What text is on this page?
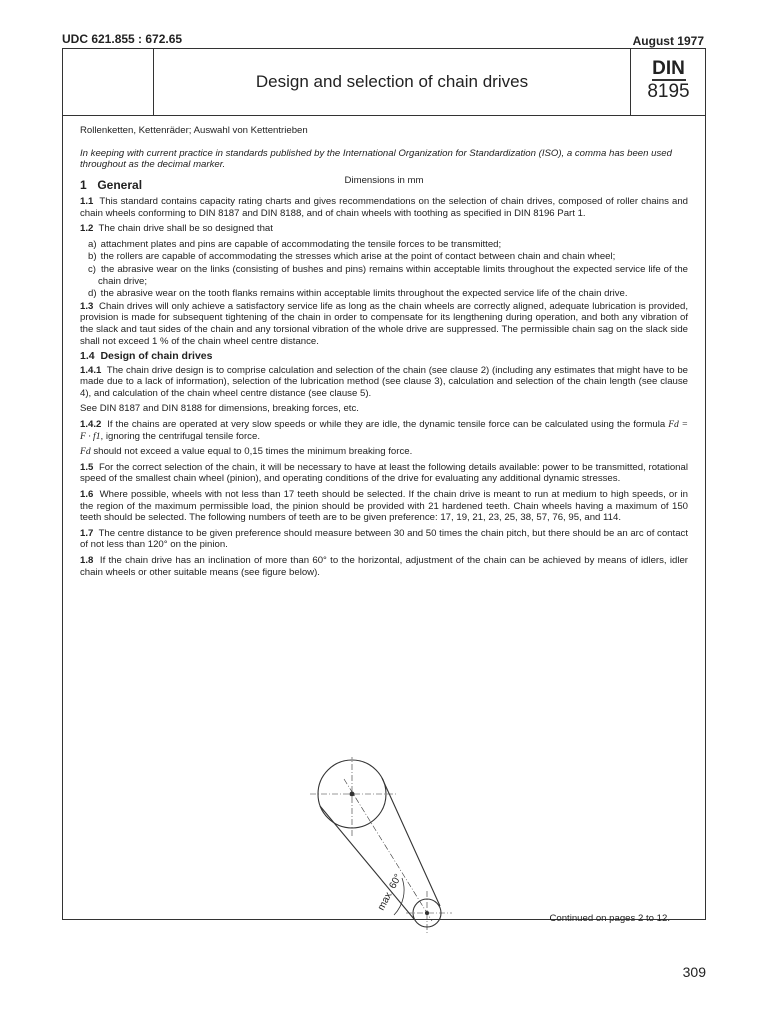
UDC 621.855 : 672.65	August 1977
Design and selection of chain drives
DIN
8195

Rollenketten, Kettenräder; Auswahl von Kettentrieben

In keeping with current practice in standards published by the International Organization for Standardization (ISO), a comma has been used throughout as the decimal marker.

Dimensions in mm

1 General

1.1 This standard contains capacity rating charts and gives recommendations on the selection of chain drives, composed of roller chains and chain wheels conforming to DIN 8187 and DIN 8188, and of chain wheels with toothing as specified in DIN 8196 Part 1.

1.2 The chain drive shall be so designed that

a) attachment plates and pins are capable of accommodating the tensile forces to be transmitted;

b) the rollers are capable of accommodating the stresses which arise at the point of contact between chain and chain wheel;

c) the abrasive wear on the links (consisting of bushes and pins) remains within acceptable limits throughout the expected service life of the chain drive;

d) the abrasive wear on the tooth flanks remains within acceptable limits throughout the expected service life of the chain drive.

1.3 Chain drives will only achieve a satisfactory service life as long as the chain wheels are correctly aligned, adequate lubrication is provided, provision is made for subsequent tightening of the chain in order to compensate for its lengthening during operation, and both any vibration of the slack and taut sides of the chain and any torsional vibration of the whole drive are suppressed. The permissible chain sag on the slack side shall not exceed 1 % of the chain wheel centre distance.

1.4 Design of chain drives

1.4.1 The chain drive design is to comprise calculation and selection of the chain (see clause 2) (including any estimates that might have to be made due to a lack of information), selection of the lubrication method (see clause 3), calculation and selection of the chain length (see clause 4), and calculation of the chain wheel centre distance (see clause 5).

See DIN 8187 and DIN 8188 for dimensions, breaking forces, etc.

1.4.2 If the chains are operated at very slow speeds or while they are idle, the dynamic tensile force can be calculated using the formula Fd = F · f1, ignoring the centrifugal tensile force.

Fd should not exceed a value equal to 0,15 times the minimum breaking force.

1.5 For the correct selection of the chain, it will be necessary to have at least the following details available: power to be transmitted, rotational speed of the smallest chain wheel (pinion), and operating conditions of the drive for evaluating any additional dynamic stresses.

1.6 Where possible, wheels with not less than 17 teeth should be selected. If the chain drive is meant to run at medium to high speeds, or in the region of the maximum permissible load, the pinion should be provided with 21 hardened teeth. Chain wheels having a maximum of 150 teeth should be selected. The following numbers of teeth are to be given preference: 17, 19, 21, 23, 25, 38, 57, 76, 95, and 114.

1.7 The centre distance to be given preference should measure between 30 and 50 times the chain pitch, but there should be an arc of contact of not less than 120° on the pinion.

1.8 If the chain drive has an inclination of more than 60° to the horizontal, adjustment of the chain can be achieved by means of idlers, idler chain wheels or other suitable means (see figure below).

max. 60°
Continued on pages 2 to 12.
309
